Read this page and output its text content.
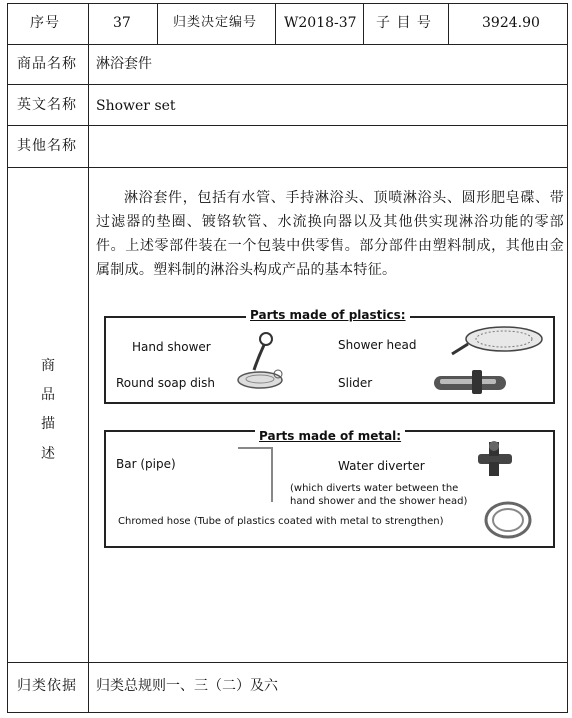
序号	37	归类决定编号 W2018-37 子 目 号	3924.90
商品名称 淋浴套件
英文名称 Shower set
其他名称
商
品
描
述
淋浴套件，包括有水管、手持淋浴头、顶喷淋浴头、圆形肥皂碟、带过滤器的垫圈、镀铬软管、水流换向器以及其他供实现淋浴功能的零部件。上述零部件装在一个包装中供零售。部分部件由塑料制成，其他由金属制成。塑料制的淋浴头构成产品的基本特征。
Parts made of plastics:
Hand shower	Shower head
Round soap dish	Slider
Parts made of metal:
Bar (pipe)	Water diverter
(which diverts water between the
hand shower and the shower head)
Chromed hose (Tube of plastics coated with metal to strengthen)
归类依据 归类总规则一、三（二）及六
